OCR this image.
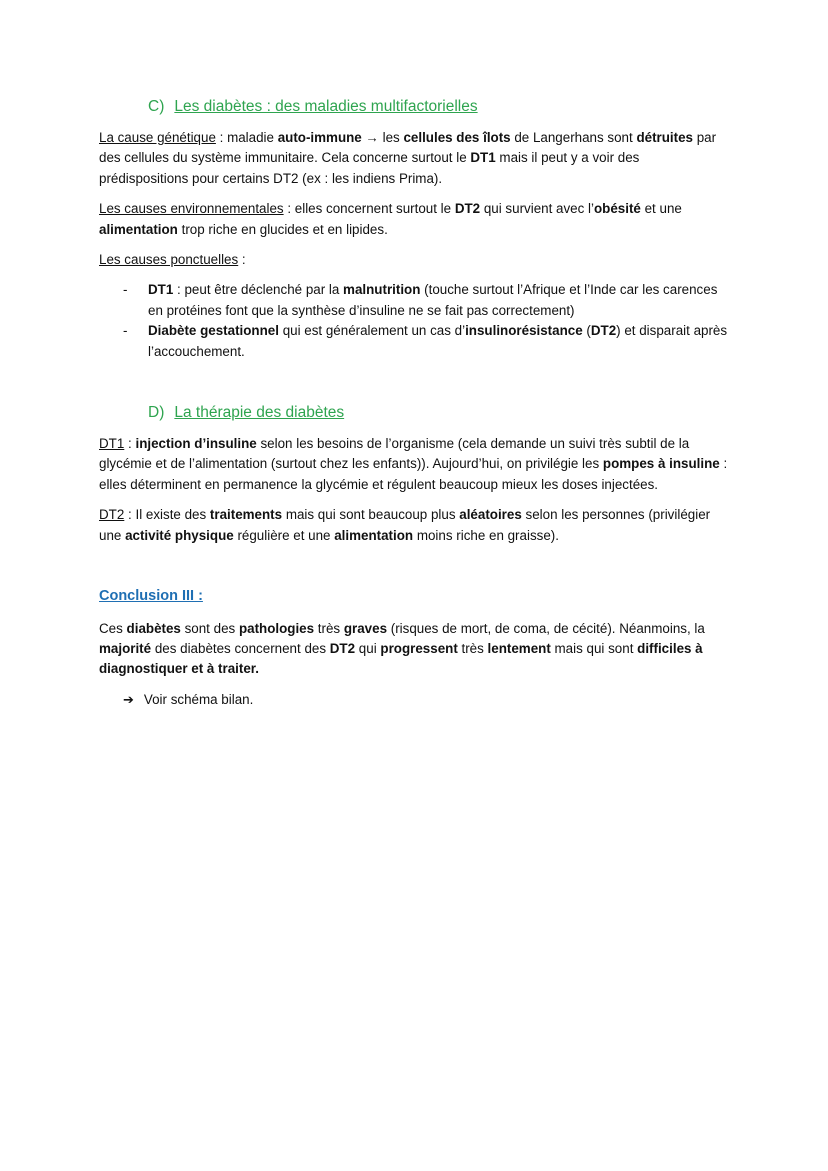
C) Les diabètes : des maladies multifactorielles

La cause génétique : maladie auto-immune → les cellules des îlots de Langerhans sont détruites par des cellules du système immunitaire. Cela concerne surtout le DT1 mais il peut y a voir des prédispositions pour certains DT2 (ex : les indiens Prima).

Les causes environnementales : elles concernent surtout le DT2 qui survient avec l’obésité et une alimentation trop riche en glucides et en lipides.

Les causes ponctuelles :

- DT1 : peut être déclenché par la malnutrition (touche surtout l’Afrique et l’Inde car les carences en protéines font que la synthèse d’insuline ne se fait pas correctement)
- Diabète gestationnel qui est généralement un cas d’insulinorésistance (DT2) et disparait après l’accouchement.
D) La thérapie des diabètes

DT1 : injection d’insuline selon les besoins de l’organisme (cela demande un suivi très subtil de la glycémie et de l’alimentation (surtout chez les enfants)). Aujourd’hui, on privilégie les pompes à insuline : elles déterminent en permanence la glycémie et régulent beaucoup mieux les doses injectées.

DT2 : Il existe des traitements mais qui sont beaucoup plus aléatoires selon les personnes (privilégier une activité physique régulière et une alimentation moins riche en graisse).

Conclusion III :

Ces diabètes sont des pathologies très graves (risques de mort, de coma, de cécité). Néanmoins, la majorité des diabètes concernent des DT2 qui progressent très lentement mais qui sont difficiles à diagnostiquer et à traiter.

➔ Voir schéma bilan.
